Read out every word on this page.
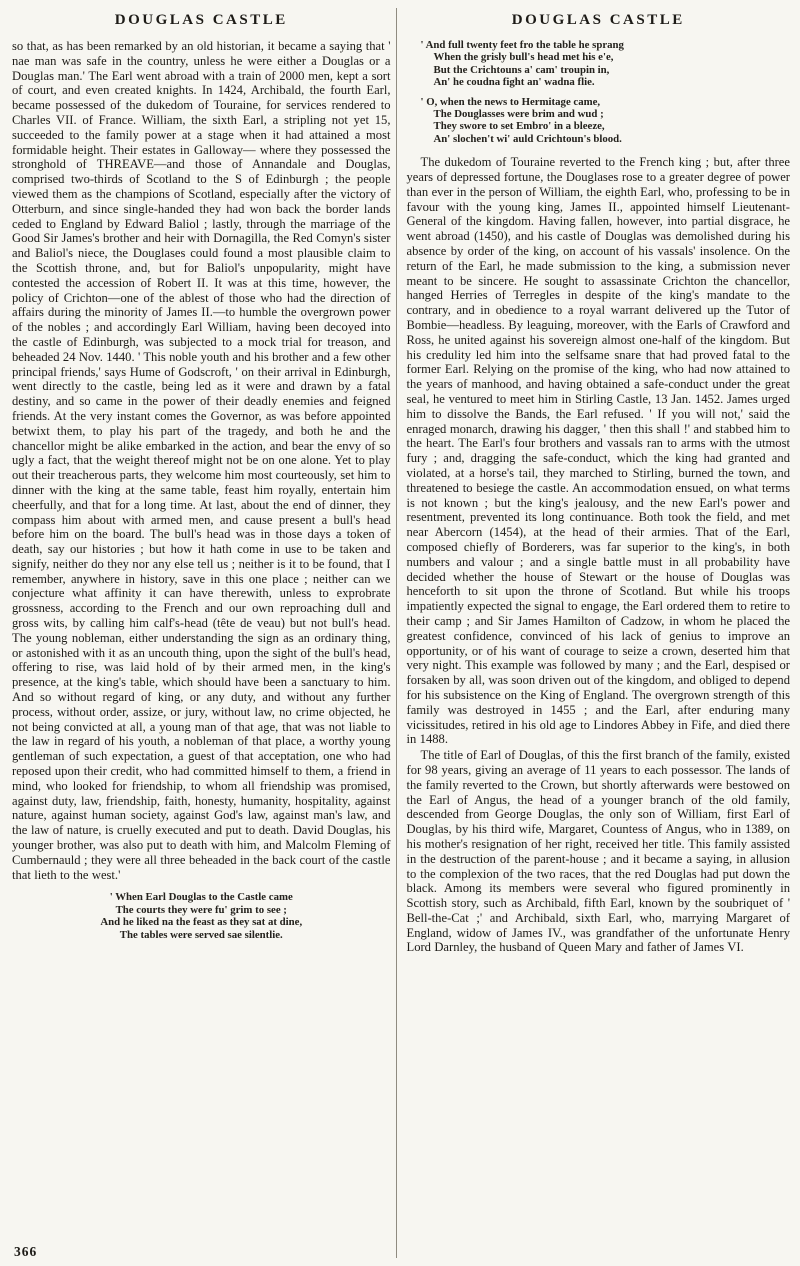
DOUGLAS CASTLE

so that, as has been remarked by an old historian, it became a saying that ' nae man was safe in the country, unless he were either a Douglas or a Douglas man.' The Earl went abroad with a train of 2000 men, kept a sort of court, and even created knights. In 1424, Archibald, the fourth Earl, became possessed of the dukedom of Touraine, for services rendered to Charles VII. of France. William, the sixth Earl, a stripling not yet 15, succeeded to the family power at a stage when it had attained a most formidable height. Their estates in Galloway— where they possessed the stronghold of THREAVE—and those of Annandale and Douglas, comprised two-thirds of Scotland to the S of Edinburgh ; the people viewed them as the champions of Scotland, especially after the victory of Otterburn, and since single-handed they had won back the border lands ceded to England by Edward Baliol ; lastly, through the marriage of the Good Sir James's brother and heir with Dornagilla, the Red Comyn's sister and Baliol's niece, the Douglases could found a most plausible claim to the Scottish throne, and, but for Baliol's unpopularity, might have contested the accession of Robert II. It was at this time, however, the policy of Crichton—one of the ablest of those who had the direction of affairs during the minority of James II.—to humble the overgrown power of the nobles ; and accordingly Earl William, having been decoyed into the castle of Edinburgh, was subjected to a mock trial for treason, and beheaded 24 Nov. 1440. ' This noble youth and his brother and a few other principal friends,' says Hume of Godscroft, ' on their arrival in Edinburgh, went directly to the castle, being led as it were and drawn by a fatal destiny, and so came in the power of their deadly enemies and feigned friends. At the very instant comes the Governor, as was before appointed betwixt them, to play his part of the tragedy, and both he and the chancellor might be alike embarked in the action, and bear the envy of so ugly a fact, that the weight thereof might not be on one alone. Yet to play out their treacherous parts, they welcome him most courteously, set him to dinner with the king at the same table, feast him royally, entertain him cheerfully, and that for a long time. At last, about the end of dinner, they compass him about with armed men, and cause present a bull's head before him on the board. The bull's head was in those days a token of death, say our histories ; but how it hath come in use to be taken and signify, neither do they nor any else tell us ; neither is it to be found, that I remember, anywhere in history, save in this one place ; neither can we conjecture what affinity it can have therewith, unless to exprobrate grossness, according to the French and our own reproaching dull and gross wits, by calling him calf's-head (tête de veau) but not bull's head. The young nobleman, either understanding the sign as an ordinary thing, or astonished with it as an uncouth thing, upon the sight of the bull's head, offering to rise, was laid hold of by their armed men, in the king's presence, at the king's table, which should have been a sanctuary to him. And so without regard of king, or any duty, and without any further process, without order, assize, or jury, without law, no crime objected, he not being convicted at all, a young man of that age, that was not liable to the law in regard of his youth, a nobleman of that place, a worthy young gentleman of such expectation, a guest of that acceptation, one who had reposed upon their credit, who had committed himself to them, a friend in mind, who looked for friendship, to whom all friendship was promised, against duty, law, friendship, faith, honesty, humanity, hospitality, against nature, against human society, against God's law, against man's law, and the law of nature, is cruelly executed and put to death. David Douglas, his younger brother, was also put to death with him, and Malcolm Fleming of Cumbernauld ; they were all three beheaded in the back court of the castle that lieth to the west.'

' When Earl Douglas to the Castle came
The courts they were fu' grim to see ;
And he liked na the feast as they sat at dine,
The tables were served sae silentlie.
366
DOUGLAS CASTLE
' And full twenty feet fro the table he sprang
When the grisly bull's head met his e'e,
But the Crichtouns a' cam' troupin in,
An' he coudna fight an' wadna flie.
' O, when the news to Hermitage came,
The Douglasses were brim and wud ;
They swore to set Embro' in a bleeze,
An' slochen't wi' auld Crichtoun's blood.

The dukedom of Touraine reverted to the French king ; but, after three years of depressed fortune, the Douglases rose to a greater degree of power than ever in the person of William, the eighth Earl, who, professing to be in favour with the young king, James II., appointed himself Lieutenant-General of the kingdom. Having fallen, however, into partial disgrace, he went abroad (1450), and his castle of Douglas was demolished during his absence by order of the king, on account of his vassals' insolence. On the return of the Earl, he made submission to the king, a submission never meant to be sincere. He sought to assassinate Crichton the chancellor, hanged Herries of Terregles in despite of the king's mandate to the contrary, and in obedience to a royal warrant delivered up the Tutor of Bombie—headless. By leaguing, moreover, with the Earls of Crawford and Ross, he united against his sovereign almost one-half of the kingdom. But his credulity led him into the selfsame snare that had proved fatal to the former Earl. Relying on the promise of the king, who had now attained to the years of manhood, and having obtained a safe-conduct under the great seal, he ventured to meet him in Stirling Castle, 13 Jan. 1452. James urged him to dissolve the Bands, the Earl refused. ' If you will not,' said the enraged monarch, drawing his dagger, ' then this shall !' and stabbed him to the heart. The Earl's four brothers and vassals ran to arms with the utmost fury ; and, dragging the safe-conduct, which the king had granted and violated, at a horse's tail, they marched to Stirling, burned the town, and threatened to besiege the castle. An accommodation ensued, on what terms is not known ; but the king's jealousy, and the new Earl's power and resentment, prevented its long continuance. Both took the field, and met near Abercorn (1454), at the head of their armies. That of the Earl, composed chiefly of Borderers, was far superior to the king's, in both numbers and valour ; and a single battle must in all probability have decided whether the house of Stewart or the house of Douglas was henceforth to sit upon the throne of Scotland. But while his troops impatiently expected the signal to engage, the Earl ordered them to retire to their camp ; and Sir James Hamilton of Cadzow, in whom he placed the greatest confidence, convinced of his lack of genius to improve an opportunity, or of his want of courage to seize a crown, deserted him that very night. This example was followed by many ; and the Earl, despised or forsaken by all, was soon driven out of the kingdom, and obliged to depend for his subsistence on the King of England. The overgrown strength of this family was destroyed in 1455 ; and the Earl, after enduring many vicissitudes, retired in his old age to Lindores Abbey in Fife, and died there in 1488.

The title of Earl of Douglas, of this the first branch of the family, existed for 98 years, giving an average of 11 years to each possessor. The lands of the family reverted to the Crown, but shortly afterwards were bestowed on the Earl of Angus, the head of a younger branch of the old family, descended from George Douglas, the only son of William, first Earl of Douglas, by his third wife, Margaret, Countess of Angus, who in 1389, on his mother's resignation of her right, received her title. This family assisted in the destruction of the parent-house ; and it became a saying, in allusion to the complexion of the two races, that the red Douglas had put down the black. Among its members were several who figured prominently in Scottish story, such as Archibald, fifth Earl, known by the soubriquet of ' Bell-the-Cat ;' and Archibald, sixth Earl, who, marrying Margaret of England, widow of James IV., was grandfather of the unfortunate Henry Lord Darnley, the husband of Queen Mary and father of James VI.
